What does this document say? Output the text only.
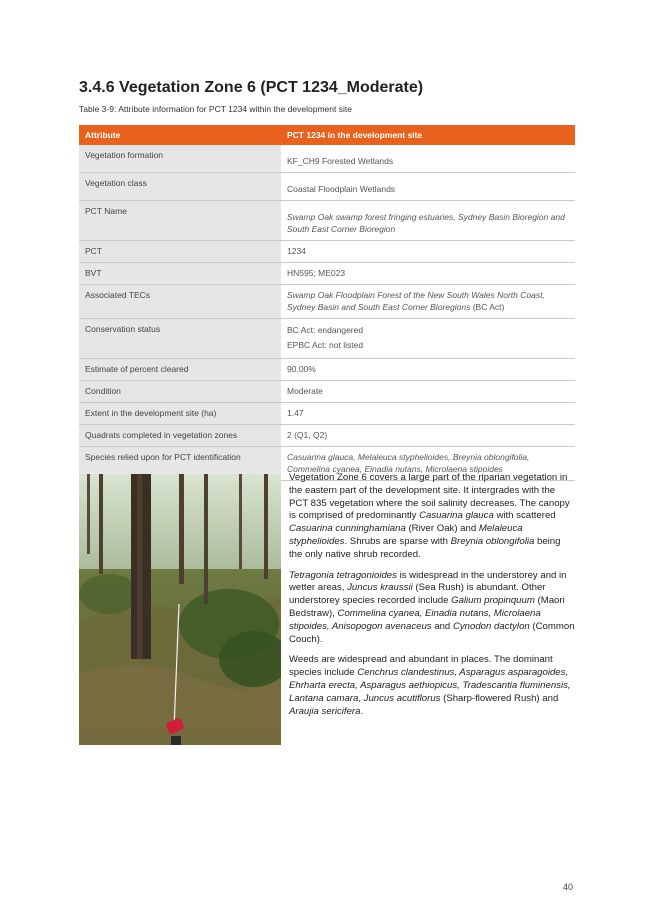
3.4.6 Vegetation Zone 6 (PCT 1234_Moderate)
Table 3-9: Attribute information for PCT 1234 within the development site
Attribute	PCT 1234 in the development site
Vegetation formation	KF_CH9 Forested Wetlands
Vegetation class	Coastal Floodplain Wetlands
PCT Name	Swamp Oak swamp forest fringing estuaries, Sydney Basin Bioregion and South East Corner Bioregion
PCT	1234
BVT	HN595; ME023
Associated TECs	Swamp Oak Floodplain Forest of the New South Wales North Coast, Sydney Basin and South East Corner Bioregions (BC Act)
Conservation status	BC Act: endangered
EPBC Act: not listed

Estimate of percent cleared	90.00%
Condition	Moderate
Extent in the development site (ha)	1.47
Quadrats completed in vegetation zones	2 (Q1, Q2)
Species relied upon for PCT identification	Casuarina glauca, Melaleuca styphelioides, Breynia oblongifolia, Commelina cyanea, Einadia nutans, Microlaena stipoides

Vegetation Zone 6 covers a large part of the riparian vegetation in the eastern part of the development site. It intergrades with the PCT 835 vegetation where the soil salinity decreases. The canopy is comprised of predominantly Casuarina glauca with scattered Casuarina cunninghamiana (River Oak) and Melaleuca styphelioides. Shrubs are sparse with Breynia oblongifolia being the only native shrub recorded.

Tetragonia tetragonioides is widespread in the understorey and in wetter areas, Juncus kraussii (Sea Rush) is abundant. Other understorey species recorded include Galium propinquum (Maori Bedstraw), Commelina cyanea, Einadia nutans, Microlaena stipoides, Anisopogon avenaceus and Cynodon dactylon (Common Couch).

Weeds are widespread and abundant in places. The dominant species include Cenchrus clandestinus, Asparagus asparagoides, Ehrharta erecta, Asparagus aethiopicus, Tradescantia fluminensis, Lantana camara, Juncus acutiflorus (Sharp-flowered Rush) and Araujia sericifera.

40
